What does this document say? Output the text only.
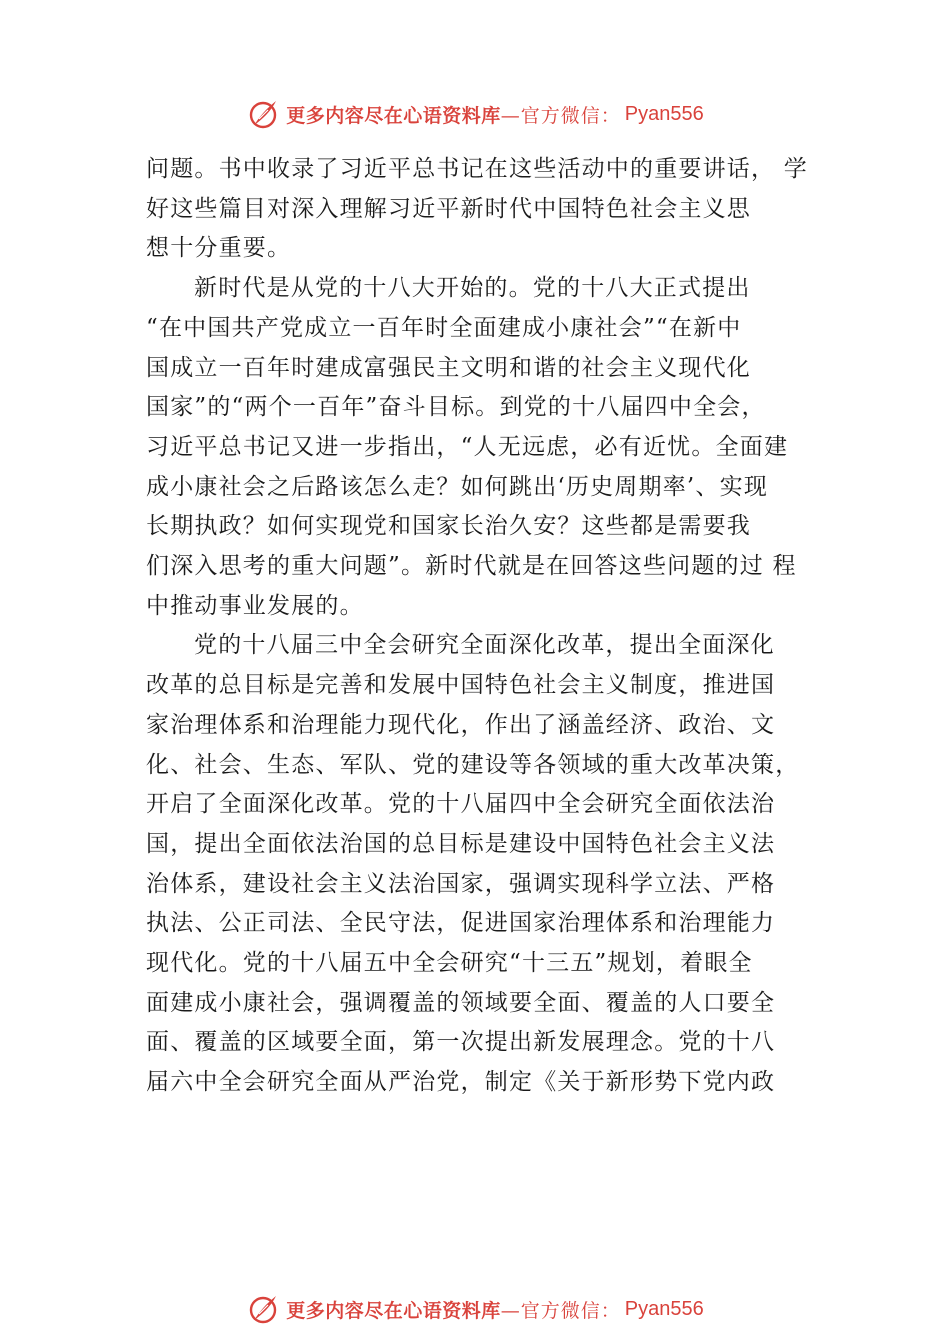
更多内容尽在心语资料库 —官方微信： Pyan556

问题。书中收录了习近平总书记在这些活动中的重要讲话， 学
好这些篇目对深入理解习近平新时代中国特色社会主义思
想十分重要。

新时代是从党的十八大开始的。党的十八大正式提出
“在中国共产党成立一百年时全面建成小康社会”“在新中
国成立一百年时建成富强民主文明和谐的社会主义现代化
国家”的“两个一百年”奋斗目标。到党的十八届四中全会，
习近平总书记又进一步指出，“人无远虑，必有近忧。全面建
成小康社会之后路该怎么走？如何跳出‘历史周期率’、实现
长期执政？如何实现党和国家长治久安？这些都是需要我
们深入思考的重大问题”。新时代就是在回答这些问题的过 程
中推动事业发展的。

党的十八届三中全会研究全面深化改革，提出全面深化
改革的总目标是完善和发展中国特色社会主义制度，推进国
家治理体系和治理能力现代化，作出了涵盖经济、政治、文
化、社会、生态、军队、党的建设等各领域的重大改革决策，
开启了全面深化改革。党的十八届四中全会研究全面依法治
国，提出全面依法治国的总目标是建设中国特色社会主义法
治体系，建设社会主义法治国家，强调实现科学立法、严格
执法、公正司法、全民守法，促进国家治理体系和治理能力
现代化。党的十八届五中全会研究“十三五”规划，着眼全
面建成小康社会，强调覆盖的领域要全面、覆盖的人口要全
面、覆盖的区域要全面，第一次提出新发展理念。党的十八
届六中全会研究全面从严治党，制定《关于新形势下党内政

更多内容尽在心语资料库 —官方微信： Pyan556
